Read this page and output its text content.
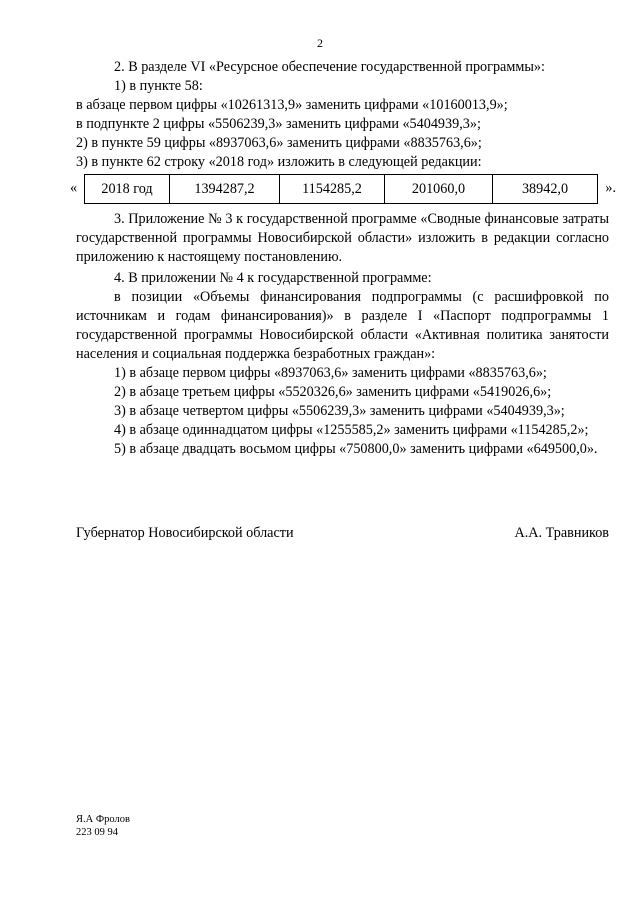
2
2. В разделе VI «Ресурсное обеспечение государственной программы»:
1) в пункте 58:
в абзаце первом цифры «10261313,9» заменить цифрами «10160013,9»;
в подпункте 2 цифры «5506239,3» заменить цифрами «5404939,3»;
2) в пункте 59 цифры «8937063,6» заменить цифрами «8835763,6»;
3) в пункте 62 строку «2018 год» изложить в следующей редакции:
« 2018 год	1394287,2	1154285,2	201060,0	38942,0	».

3. Приложение № 3 к государственной программе «Сводные финансовые затраты государственной программы Новосибирской области» изложить в редакции согласно приложению к настоящему постановлению.

4. В приложении № 4 к государственной программе:
в позиции «Объемы финансирования подпрограммы (с расшифровкой по источникам и годам финансирования)» в разделе I «Паспорт подпрограммы 1 государственной программы Новосибирской области «Активная политика занятости населения и социальная поддержка безработных граждан»:
1) в абзаце первом цифры «8937063,6» заменить цифрами «8835763,6»;
2) в абзаце третьем цифры «5520326,6» заменить цифрами «5419026,6»;
3) в абзаце четвертом цифры «5506239,3» заменить цифрами «5404939,3»;
4) в абзаце одиннадцатом цифры «1255585,2» заменить цифрами «1154285,2»;
5) в абзаце двадцать восьмом цифры «750800,0» заменить цифрами «649500,0».
Губернатор Новосибирской области	А.А. Травников
Я.А Фролов
223 09 94
